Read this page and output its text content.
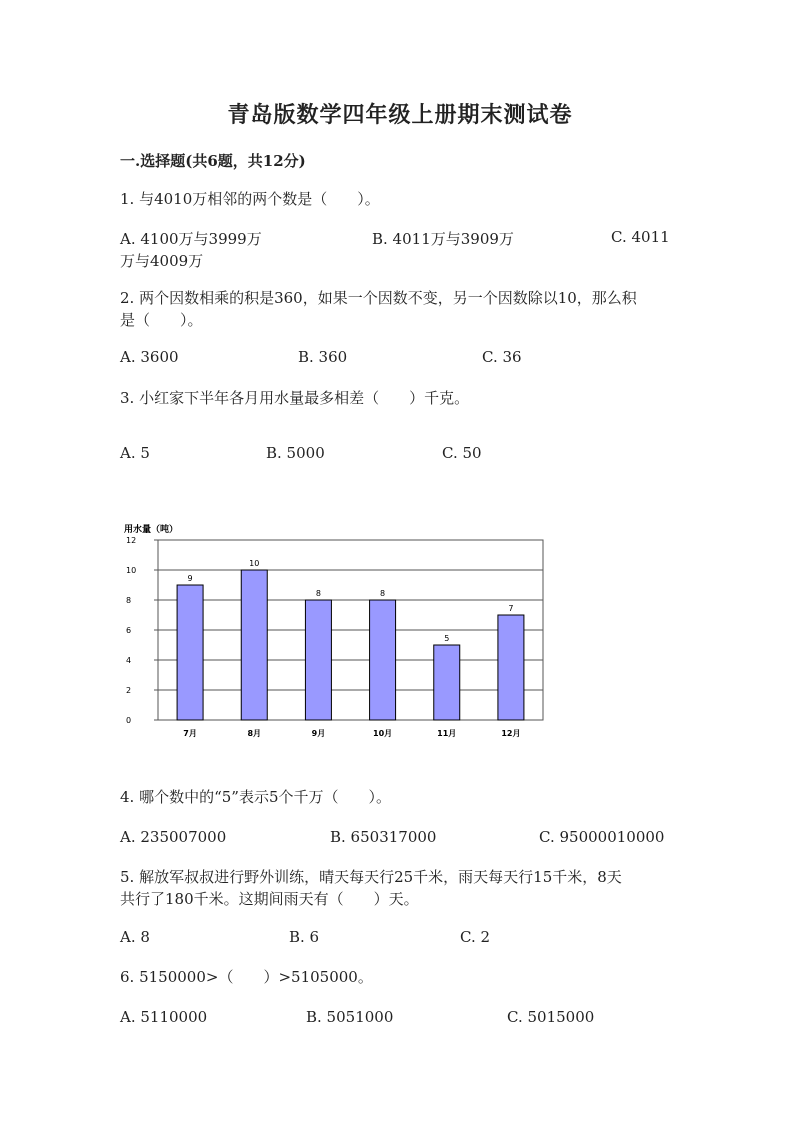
青岛版数学四年级上册期末测试卷
一.选择题(共6题，共12分)
1. 与4010万相邻的两个数是（　　）。
A. 4100万与3999万	B. 4011万与3909万	C. 4011
万与4009万
2. 两个因数相乘的积是360，如果一个因数不变，另一个因数除以10，那么积
是（　　）。
A. 3600	B. 360	C. 36
3. 小红家下半年各月用水量最多相差（　　）千克。
A. 5	B. 5000	C. 50
用水量（吨）
9
10
8	8
5
7
0
2
4
6
8
10
12
7月	8月	9月	10月	11月	12月
4. 哪个数中的“5”表示5个千万（　　）。
A. 235007000	B. 650317000	C. 95000010000
5. 解放军叔叔进行野外训练，晴天每天行25千米，雨天每天行15千米，8天
共行了180千米。这期间雨天有（　　）天。
A. 8	B. 6	C. 2
6. 5150000>（　　）>5105000。
A. 5110000	B. 5051000	C. 5015000
